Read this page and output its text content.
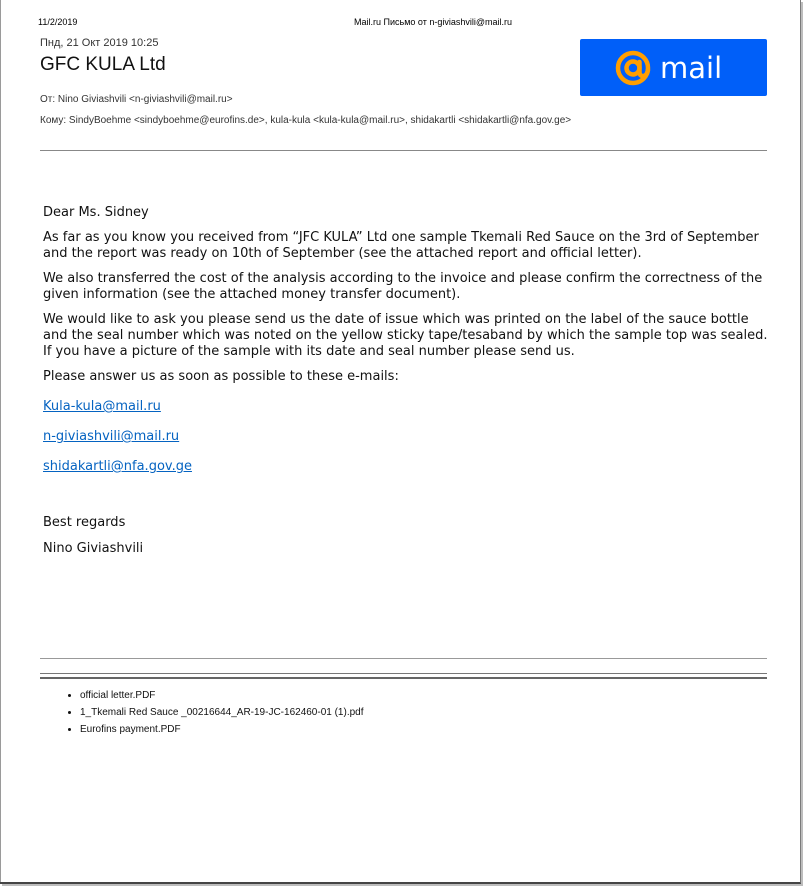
11/2/2019	Mail.ru Письмо от n-giviashvili@mail.ru
Пнд, 21 Окт 2019 10:25
GFC KULA Ltd	mail
От: Nino Giviashvili <n-giviashvili@mail.ru>
Кому: SindyBoehme <sindyboehme@eurofins.de>, kula-kula <kula-kula@mail.ru>, shidakartli <shidakartli@nfa.gov.ge>

Dear Ms. Sidney

As far as you know you received from “JFC KULA” Ltd one sample Tkemali Red Sauce on the 3rd of September and the report was ready on 10th of September (see the attached report and official letter).

We also transferred the cost of the analysis according to the invoice and please confirm the correctness of the given information (see the attached money transfer document).

We would like to ask you please send us the date of issue which was printed on the label of the sauce bottle and the seal number which was noted on the yellow sticky tape/tesaband by which the sample top was sealed. If you have a picture of the sample with its date and seal number please send us.

Please answer us as soon as possible to these e-mails:

Kula-kula@mail.ru

n-giviashvili@mail.ru

shidakartli@nfa.gov.ge

Best regards

Nino Giviashvili

• official letter.PDF
• 1_Tkemali Red Sauce _00216644_AR-19-JC-162460-01 (1).pdf
• Eurofins payment.PDF
